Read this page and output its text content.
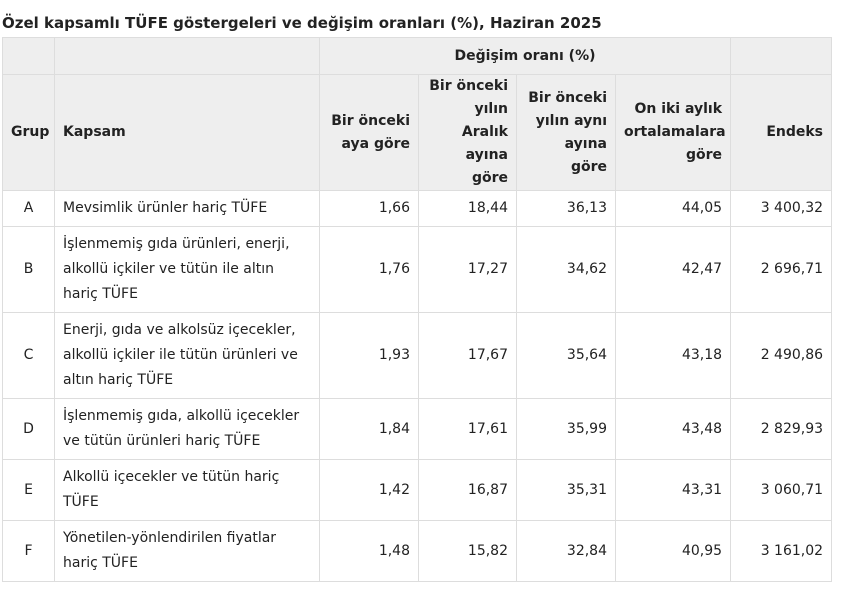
Özel kapsamlı TÜFE göstergeleri ve değişim oranları (%), Haziran 2025
		Değişim oranı (%)				
Grup	Kapsam	Bir önceki aya göre	Bir önceki yılın Aralık ayına göre	Bir önceki yılın aynı ayına göre	On iki aylık ortalamalara göre	Endeks
A	Mevsimlik ürünler hariç TÜFE	1,66	18,44	36,13	44,05	3 400,32
B	İşlenmemiş gıda ürünleri, enerji, alkollü içkiler ve tütün ile altın hariç TÜFE	1,76	17,27	34,62	42,47	2 696,71
C	Enerji, gıda ve alkolsüz içecekler, alkollü içkiler ile tütün ürünleri ve altın hariç TÜFE	1,93	17,67	35,64	43,18	2 490,86
D	İşlenmemiş gıda, alkollü içecekler ve tütün ürünleri hariç TÜFE	1,84	17,61	35,99	43,48	2 829,93
E	Alkollü içecekler ve tütün hariç TÜFE	1,42	16,87	35,31	43,31	3 060,71
F	Yönetilen-yönlendirilen fiyatlar hariç TÜFE	1,48	15,82	32,84	40,95	3 161,02
